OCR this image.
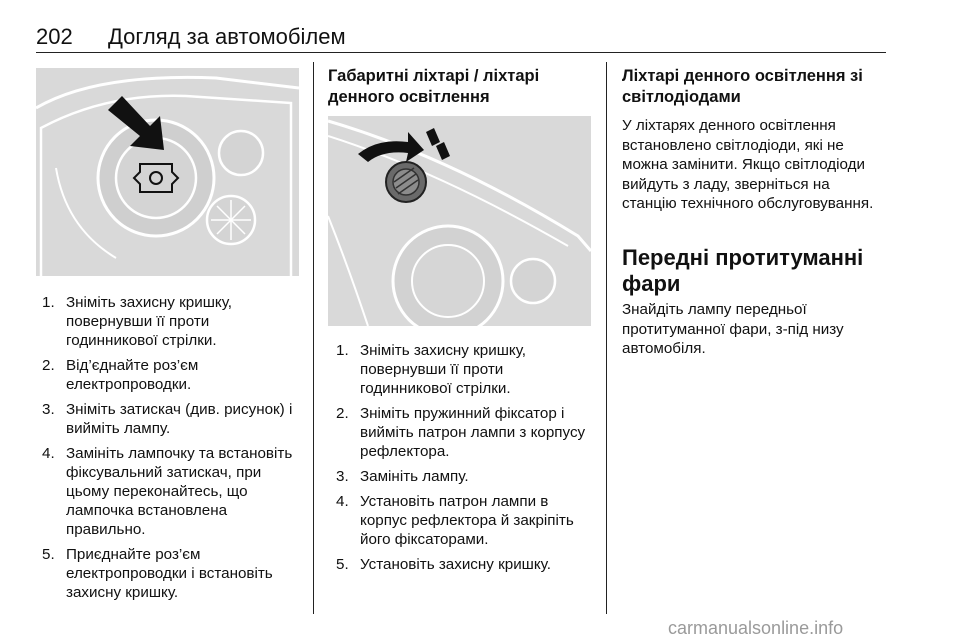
202 Догляд за автомобілем
1. Зніміть захисну кришку, повернувши її проти годинникової стрілки.
2. Від’єднайте роз’єм електропроводки.
3. Зніміть затискач (див. рисунок) і вийміть лампу.
4. Замініть лампочку та встановіть фіксувальний затискач, при цьому переконайтесь, що лампочка встановлена правильно.
5. Приєднайте роз’єм електропроводки і встановіть захисну кришку.
Габаритні ліхтарі / ліхтарі денного освітлення
1. Зніміть захисну кришку, повернувши її проти годинникової стрілки.
2. Зніміть пружинний фіксатор і вийміть патрон лампи з корпусу рефлектора.
3. Замініть лампу.
4. Установіть патрон лампи в корпус рефлектора й закріпіть його фіксаторами.
5. Установіть захисну кришку.
Ліхтарі денного освітлення зі світлодіодами
У ліхтарях денного освітлення встановлено світлодіоди, які не можна замінити. Якщо світлодіоди вийдуть з ладу, зверніться на станцію технічного обслуговування.
Передні протитуманні фари
Знайдіть лампу передньої протитуманної фари, з-під низу автомобіля.
carmanualsonline.info
